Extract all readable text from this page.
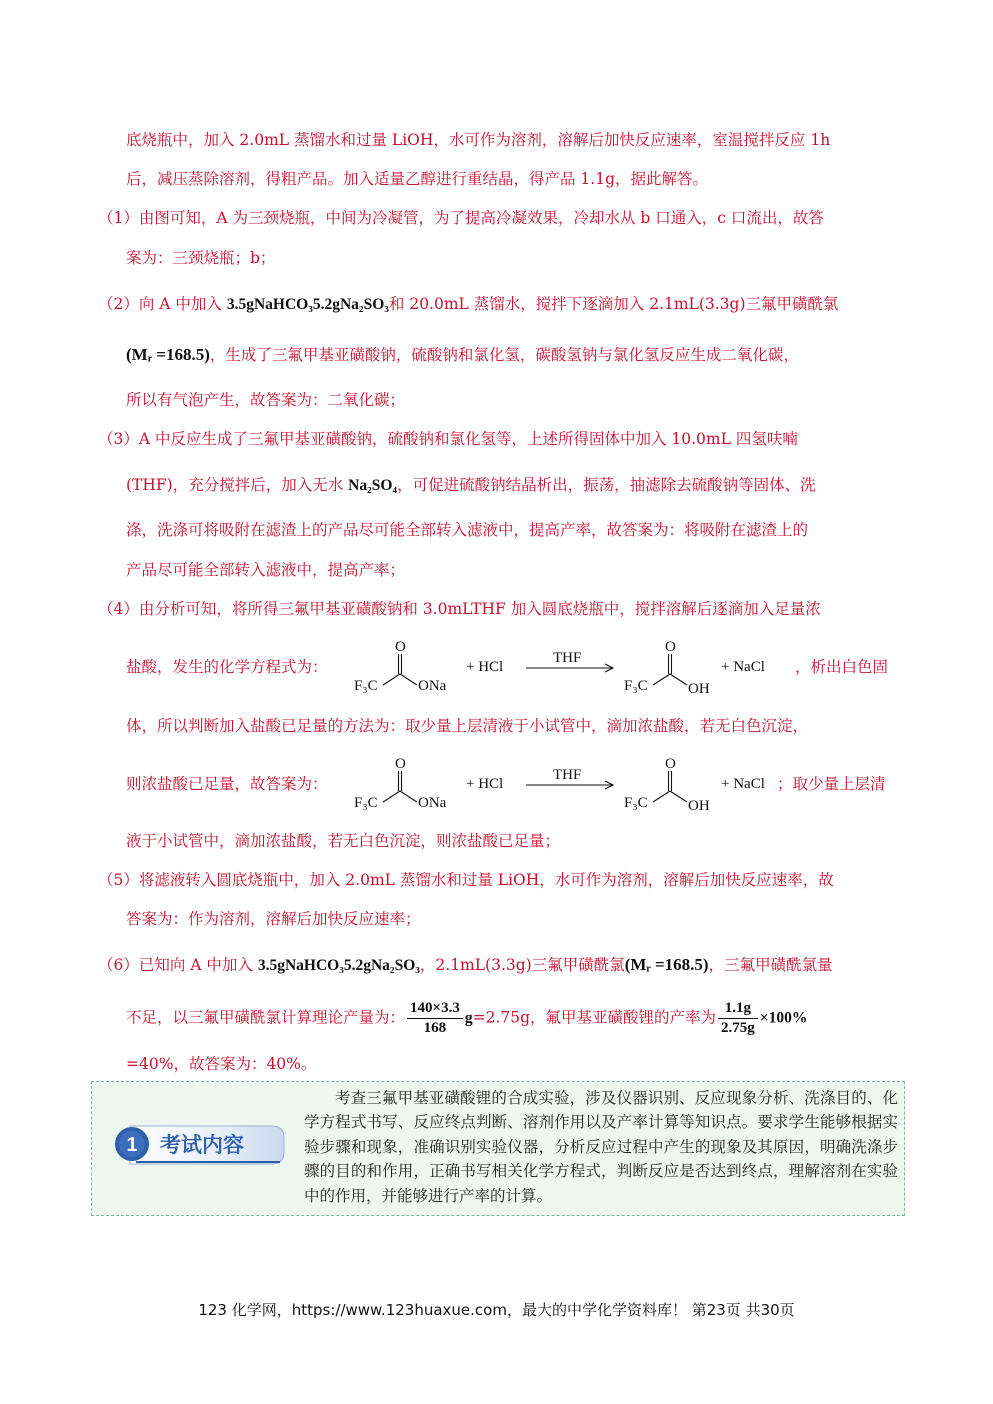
底烧瓶中，加入 2.0mL 蒸馏水和过量 LiOH，水可作为溶剂，溶解后加快反应速率，室温搅拌反应 1h
后，减压蒸除溶剂，得粗产品。加入适量乙醇进行重结晶，得产品 1.1g，据此解答。
（1）由图可知，A 为三颈烧瓶，中间为冷凝管，为了提高冷凝效果，冷却水从 b 口通入，c 口流出，故答
案为：三颈烧瓶；b；
（2）向 A 中加入 3.5gNaHCO₃5.2gNa₂SO₃和 20.0mL 蒸馏水，搅拌下逐滴加入 2.1mL(3.3g)三氟甲磺酰氯
(Mᵣ =168.5)，生成了三氟甲基亚磺酸钠，硫酸钠和氯化氢，碳酸氢钠与氯化氢反应生成二氧化碳，
所以有气泡产生，故答案为：二氧化碳；
（3）A 中反应生成了三氟甲基亚磺酸钠，硫酸钠和氯化氢等，上述所得固体中加入 10.0mL 四氢呋喃
(THF)，充分搅拌后，加入无水 Na₂SO₄，可促进硫酸钠结晶析出，振荡，抽滤除去硫酸钠等固体、洗
涤，洗涤可将吸附在滤渣上的产品尽可能全部转入滤液中，提高产率，故答案为：将吸附在滤渣上的
产品尽可能全部转入滤液中，提高产率；
（4）由分析可知，将所得三氟甲基亚磺酸钠和 3.0mLTHF 加入圆底烧瓶中，搅拌溶解后逐滴加入足量浓
盐酸，发生的化学方程式为：	，析出白色固
F₃C
O
ONa
+ HCl
THF
F₃C
O
OH
+ NaCl
体，所以判断加入盐酸已足量的方法为：取少量上层清液于小试管中，滴加浓盐酸，若无白色沉淀，
则浓盐酸已足量，故答案为：	；取少量上层清
F₃C
O
ONa
+ HCl
THF
F₃C
O
OH
+ NaCl
液于小试管中，滴加浓盐酸，若无白色沉淀，则浓盐酸已足量；
（5）将滤液转入圆底烧瓶中，加入 2.0mL 蒸馏水和过量 LiOH，水可作为溶剂，溶解后加快反应速率，故
答案为：作为溶剂，溶解后加快反应速率；
（6）已知向 A 中加入 3.5gNaHCO₃5.2gNa₂SO₃，2.1mL(3.3g)三氟甲磺酰氯(Mᵣ =168.5)，三氟甲磺酰氯量
不足，以三氟甲磺酰氯计算理论产量为： $\frac{140\times 3.3}{168} g=2.75g$，氟甲基亚磺酸锂的产率为 $\frac{1.1g}{2.75g} \times 100\%$
=40%，故答案为：40%。
1 考试内容
考查三氟甲基亚磺酸锂的合成实验，涉及仪器识别、反应现象分析、洗涤目的、化学方程式书写、反应终点判断、溶剂作用以及产率计算等知识点。要求学生能够根据实验步骤和现象，准确识别实验仪器，分析反应过程中产生的现象及其原因，明确洗涤步骤的目的和作用，正确书写相关化学方程式，判断反应是否达到终点，理解溶剂在实验中的作用，并能够进行产率的计算。
123 化学网，https://www.123huaxue.com，最大的中学化学资料库！ 第23页 共30页
